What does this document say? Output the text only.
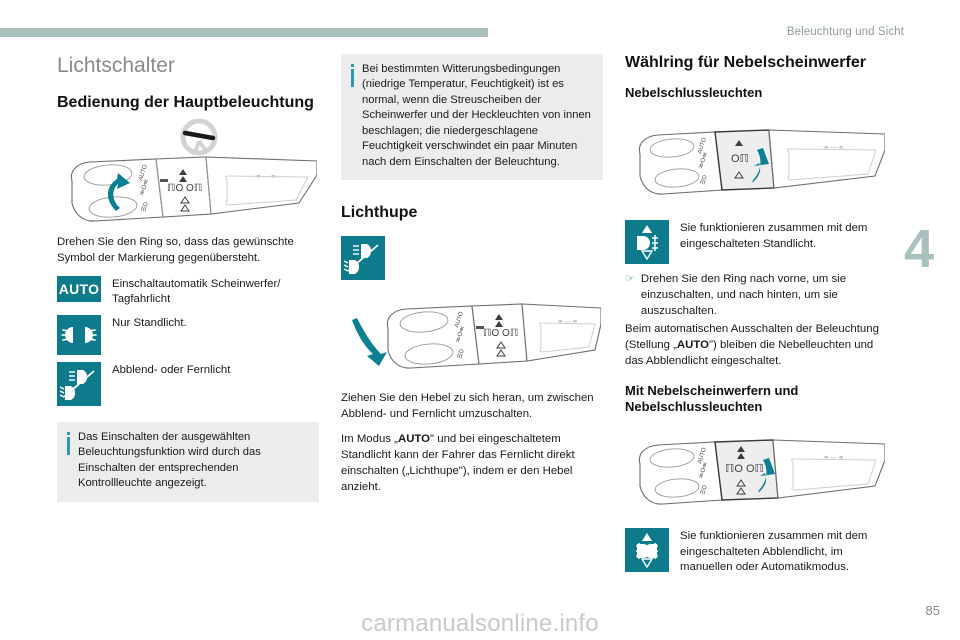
Beleuchtung und Sicht
4
Lichtschalter
Bedienung der Hauptbeleuchtung
AUTO
≫O≪
☰D
ℿO Oℿ
⚭—⚭

Drehen Sie den Ring so, dass das gewünschte Symbol der Markierung gegenübersteht.

AUTO Einschaltautomatik Scheinwerfer/ Tagfahrlicht
Nur Standlicht.
Abblend- oder Fernlicht
Das Einschalten der ausgewählten Beleuchtungsfunktion wird durch das Einschalten der entsprechenden Kontrollleuchte angezeigt.
Bei bestimmten Witterungsbedingungen (niedrige Temperatur, Feuchtigkeit) ist es normal, wenn die Streuscheiben der Scheinwerfer und der Heckleuchten von innen beschlagen; die niedergeschlagene Feuchtigkeit verschwindet ein paar Minuten nach dem Einschalten der Beleuchtung.
Lichthupe
AUTO
≫O≪
☰D
ℿO Oℿ
⚭—⚭

Ziehen Sie den Hebel zu sich heran, um zwischen Abblend- und Fernlicht umzuschalten.

Im Modus „AUTO" und bei eingeschaltetem Standlicht kann der Fahrer das Fernlicht direkt einschalten („Lichthupe"), indem er den Hebel anzieht.

Wählring für Nebelscheinwerfer
Nebelschlussleuchten
AUTO
≫O≪
☰D
Oℿ
⚭—⚭
Sie funktionieren zusammen mit dem eingeschalteten Standlicht.
☞ Drehen Sie den Ring nach vorne, um sie einzuschalten, und nach hinten, um sie auszuschalten.

Beim automatischen Ausschalten der Beleuchtung (Stellung „AUTO") bleiben die Nebelleuchten und das Abblendlicht eingeschaltet.

Mit Nebelscheinwerfern und Nebelschlussleuchten
AUTO
≫O≪
☰D
ℿO Oℿ
⚭—⚭
Sie funktionieren zusammen mit dem eingeschalteten Abblendlicht, im manuellen oder Automatikmodus.
carmanualsonline.info	85
